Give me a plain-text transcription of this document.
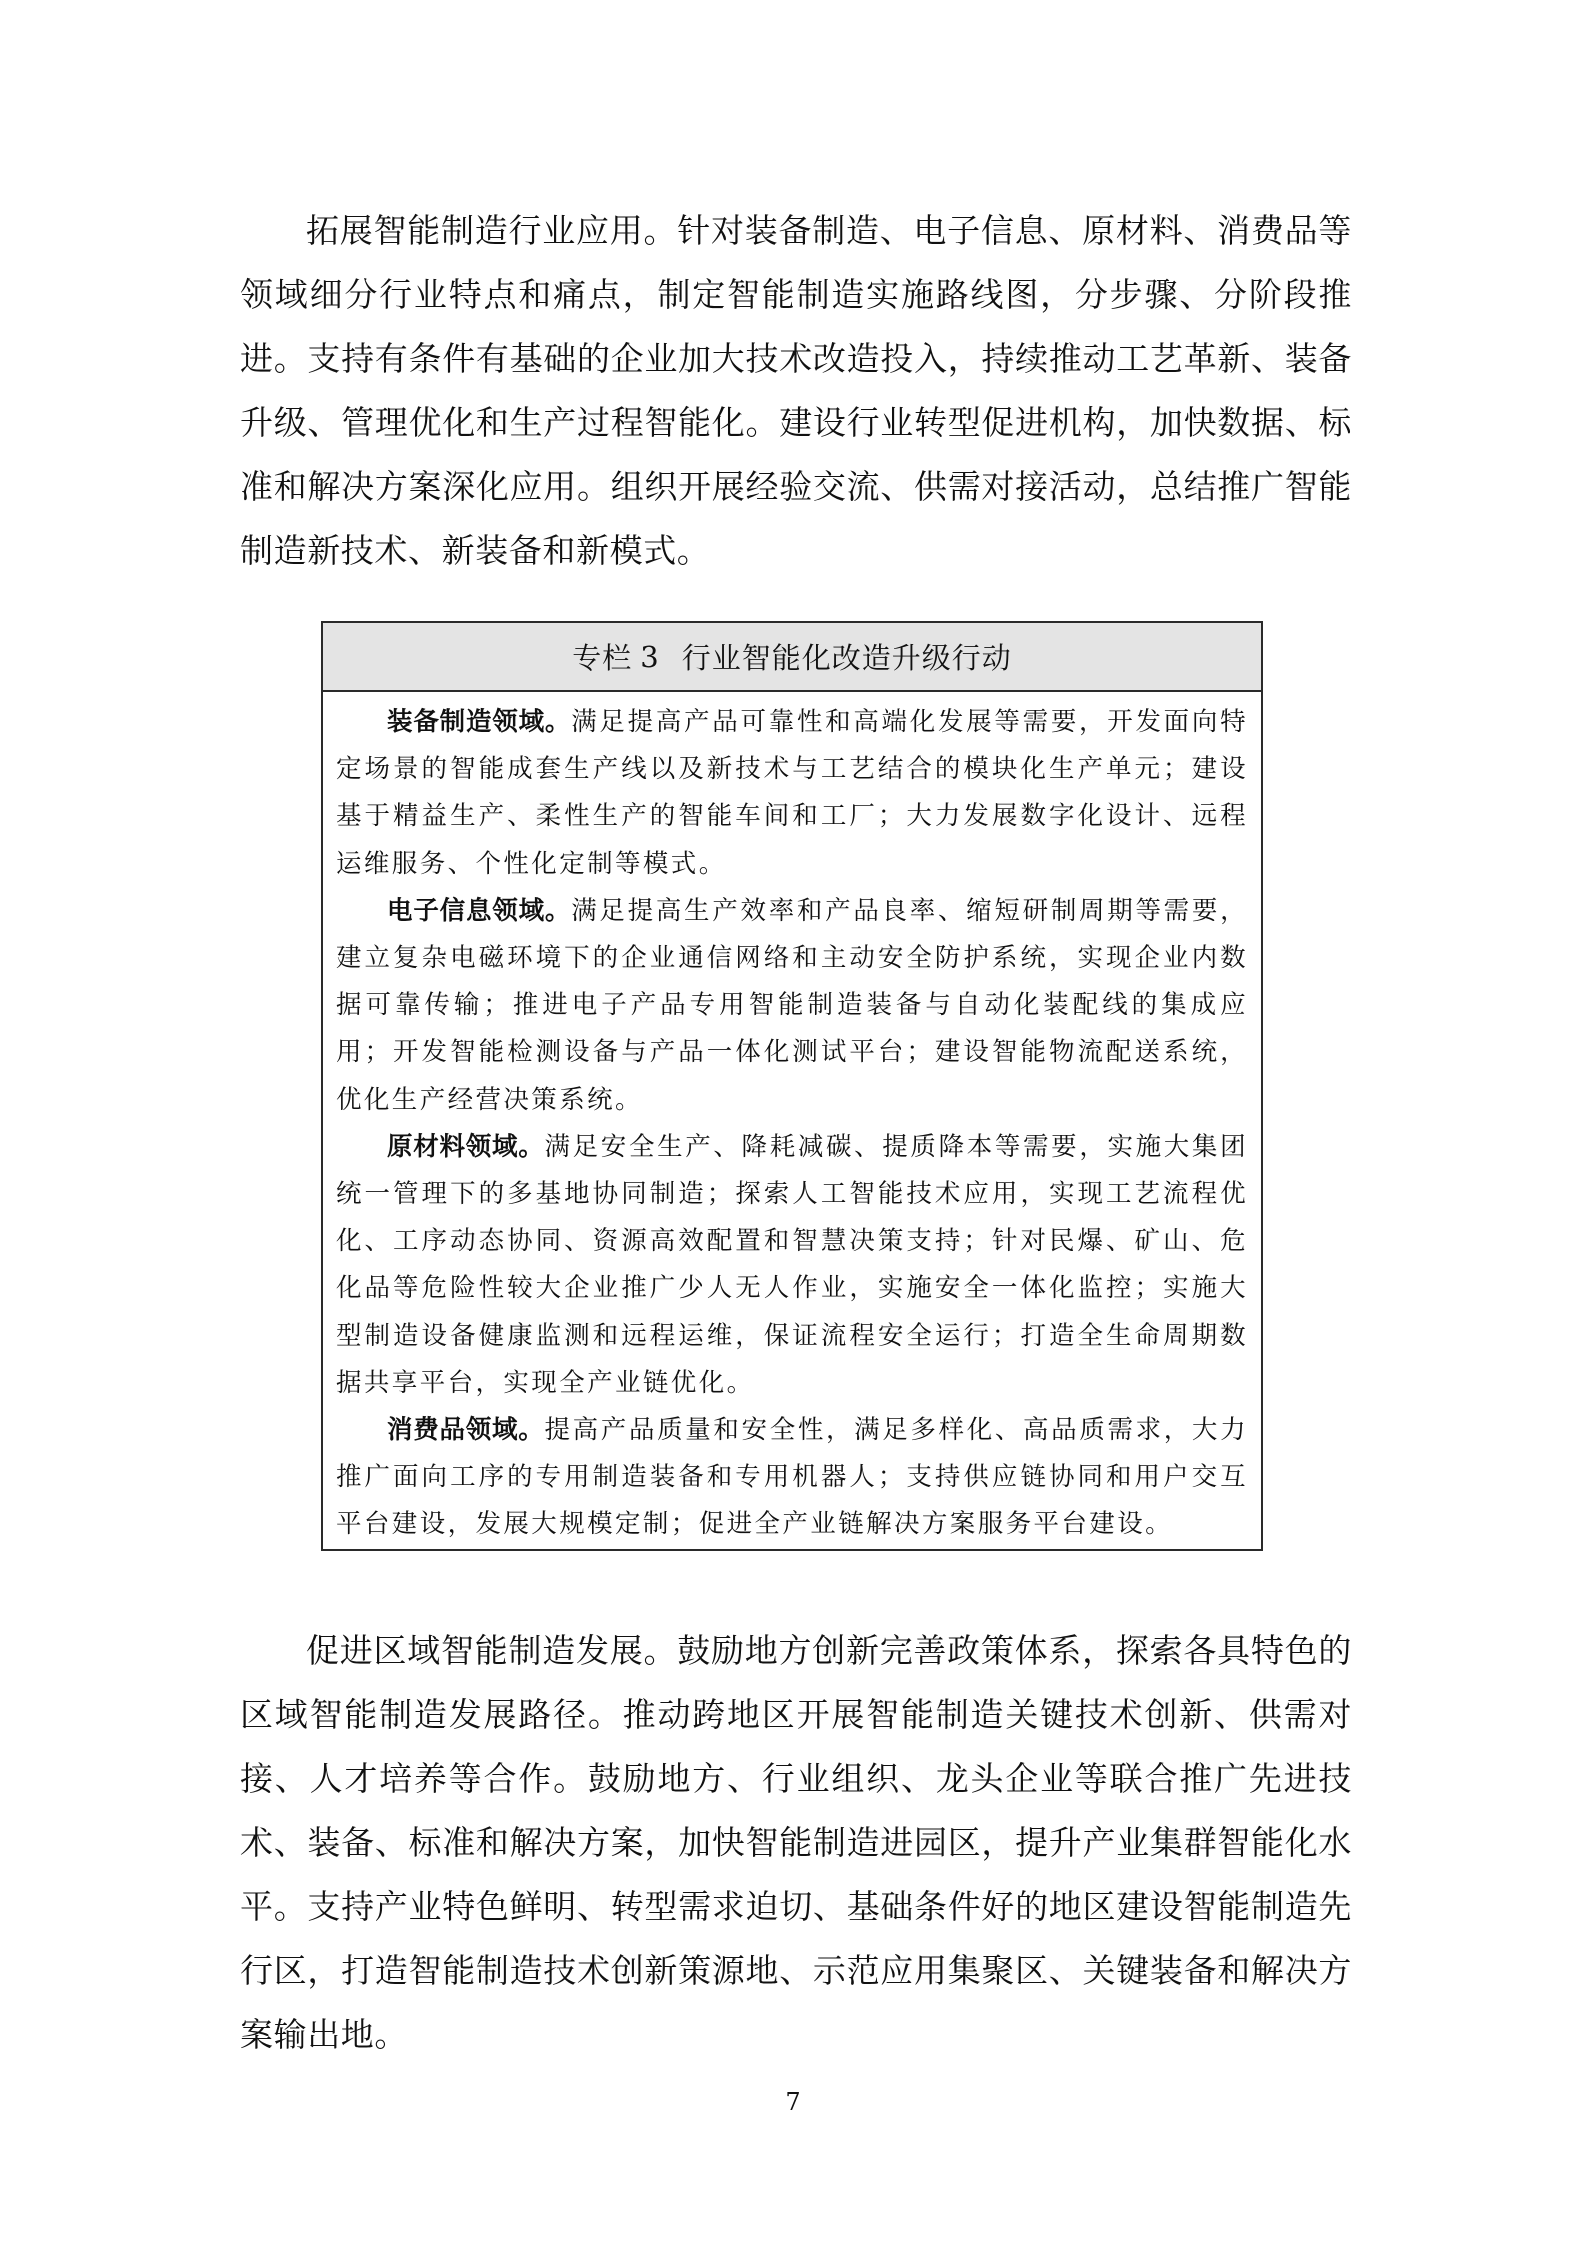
拓展智能制造行业应用。针对装备制造、电子信息、原材料、消费品等领域细分行业特点和痛点，制定智能制造实施路线图，分步骤、分阶段推进。支持有条件有基础的企业加大技术改造投入，持续推动工艺革新、装备升级、管理优化和生产过程智能化。建设行业转型促进机构，加快数据、标准和解决方案深化应用。组织开展经验交流、供需对接活动，总结推广智能制造新技术、新装备和新模式。

专栏 3 行业智能化改造升级行动

装备制造领域。满足提高产品可靠性和高端化发展等需要，开发面向特定场景的智能成套生产线以及新技术与工艺结合的模块化生产单元；建设基于精益生产、柔性生产的智能车间和工厂；大力发展数字化设计、远程运维服务、个性化定制等模式。

电子信息领域。满足提高生产效率和产品良率、缩短研制周期等需要，建立复杂电磁环境下的企业通信网络和主动安全防护系统，实现企业内数据可靠传输；推进电子产品专用智能制造装备与自动化装配线的集成应用；开发智能检测设备与产品一体化测试平台；建设智能物流配送系统，优化生产经营决策系统。

原材料领域。满足安全生产、降耗减碳、提质降本等需要，实施大集团统一管理下的多基地协同制造；探索人工智能技术应用，实现工艺流程优化、工序动态协同、资源高效配置和智慧决策支持；针对民爆、矿山、危化品等危险性较大企业推广少人无人作业，实施安全一体化监控；实施大型制造设备健康监测和远程运维，保证流程安全运行；打造全生命周期数据共享平台，实现全产业链优化。

消费品领域。提高产品质量和安全性，满足多样化、高品质需求，大力推广面向工序的专用制造装备和专用机器人；支持供应链协同和用户交互平台建设，发展大规模定制；促进全产业链解决方案服务平台建设。

促进区域智能制造发展。鼓励地方创新完善政策体系，探索各具特色的区域智能制造发展路径。推动跨地区开展智能制造关键技术创新、供需对接、人才培养等合作。鼓励地方、行业组织、龙头企业等联合推广先进技术、装备、标准和解决方案，加快智能制造进园区，提升产业集群智能化水平。支持产业特色鲜明、转型需求迫切、基础条件好的地区建设智能制造先行区，打造智能制造技术创新策源地、示范应用集聚区、关键装备和解决方案输出地。

7
